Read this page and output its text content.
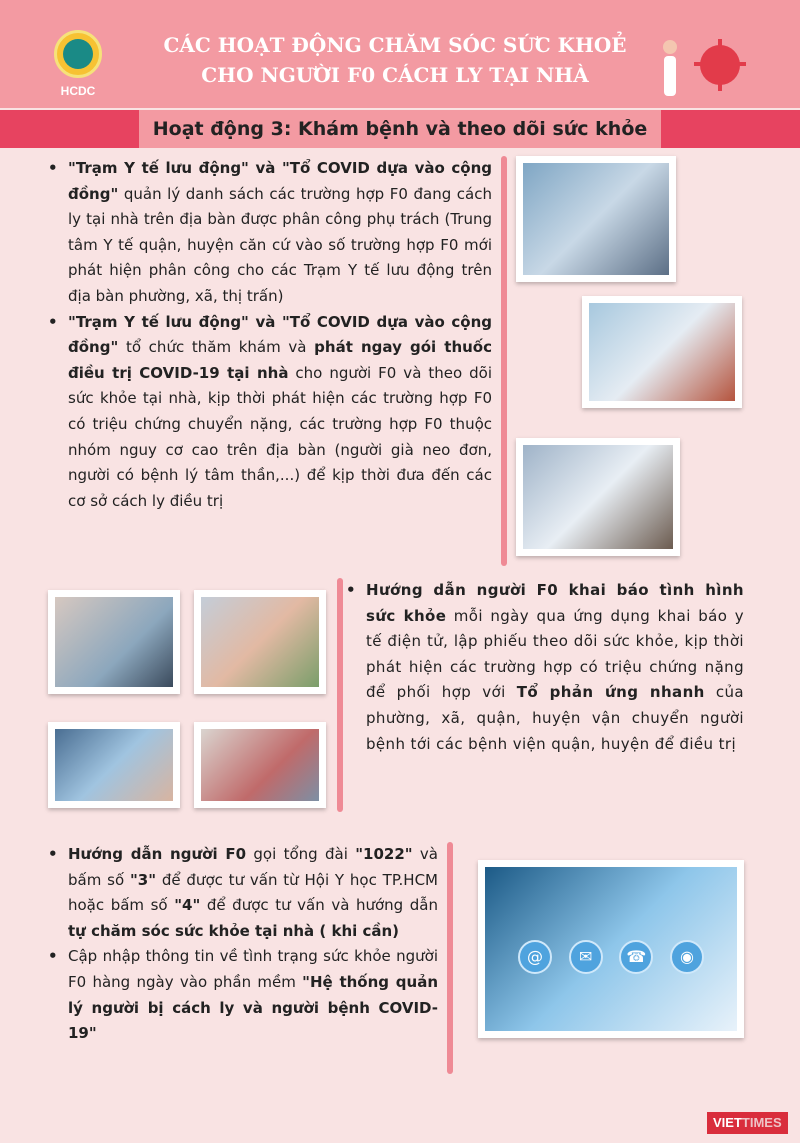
HCDC
CÁC HOẠT ĐỘNG CHĂM SÓC SỨC KHOẺ
CHO NGƯỜI F0 CÁCH LY TẠI NHÀ
Hoạt động 3: Khám bệnh và theo dõi sức khỏe
• "Trạm Y tế lưu động" và "Tổ COVID dựa vào cộng đồng" quản lý danh sách các trường hợp F0 đang cách ly tại nhà trên địa bàn được phân công phụ trách (Trung tâm Y tế quận, huyện căn cứ vào số trường hợp F0 mới phát hiện phân công cho các Trạm Y tế lưu động trên địa bàn phường, xã, thị trấn)
• "Trạm Y tế lưu động" và "Tổ COVID dựa vào cộng đồng" tổ chức thăm khám và phát ngay gói thuốc điều trị COVID-19 tại nhà cho người F0 và theo dõi sức khỏe tại nhà, kịp thời phát hiện các trường hợp F0 có triệu chứng chuyển nặng, các trường hợp F0 thuộc nhóm nguy cơ cao trên địa bàn (người già neo đơn, người có bệnh lý tâm thần,...) để kịp thời đưa đến các cơ sở cách ly điều trị
• Hướng dẫn người F0 khai báo tình hình sức khỏe mỗi ngày qua ứng dụng khai báo y tế điện tử, lập phiếu theo dõi sức khỏe, kịp thời phát hiện các trường hợp có triệu chứng nặng để phối hợp với Tổ phản ứng nhanh của phường, xã, quận, huyện vận chuyển người bệnh tới các bệnh viện quận, huyện để điều trị
• Hướng dẫn người F0 gọi tổng đài "1022" và bấm số "3" để được tư vấn từ Hội Y học TP.HCM hoặc bấm số "4" để được tư vấn và hướng dẫn tự chăm sóc sức khỏe tại nhà ( khi cần)
• Cập nhập thông tin về tình trạng sức khỏe người F0 hàng ngày vào phần mềm "Hệ thống quản lý người bị cách ly và người bệnh COVID-19"
@	✉	☎	◉
VIETTIMES
